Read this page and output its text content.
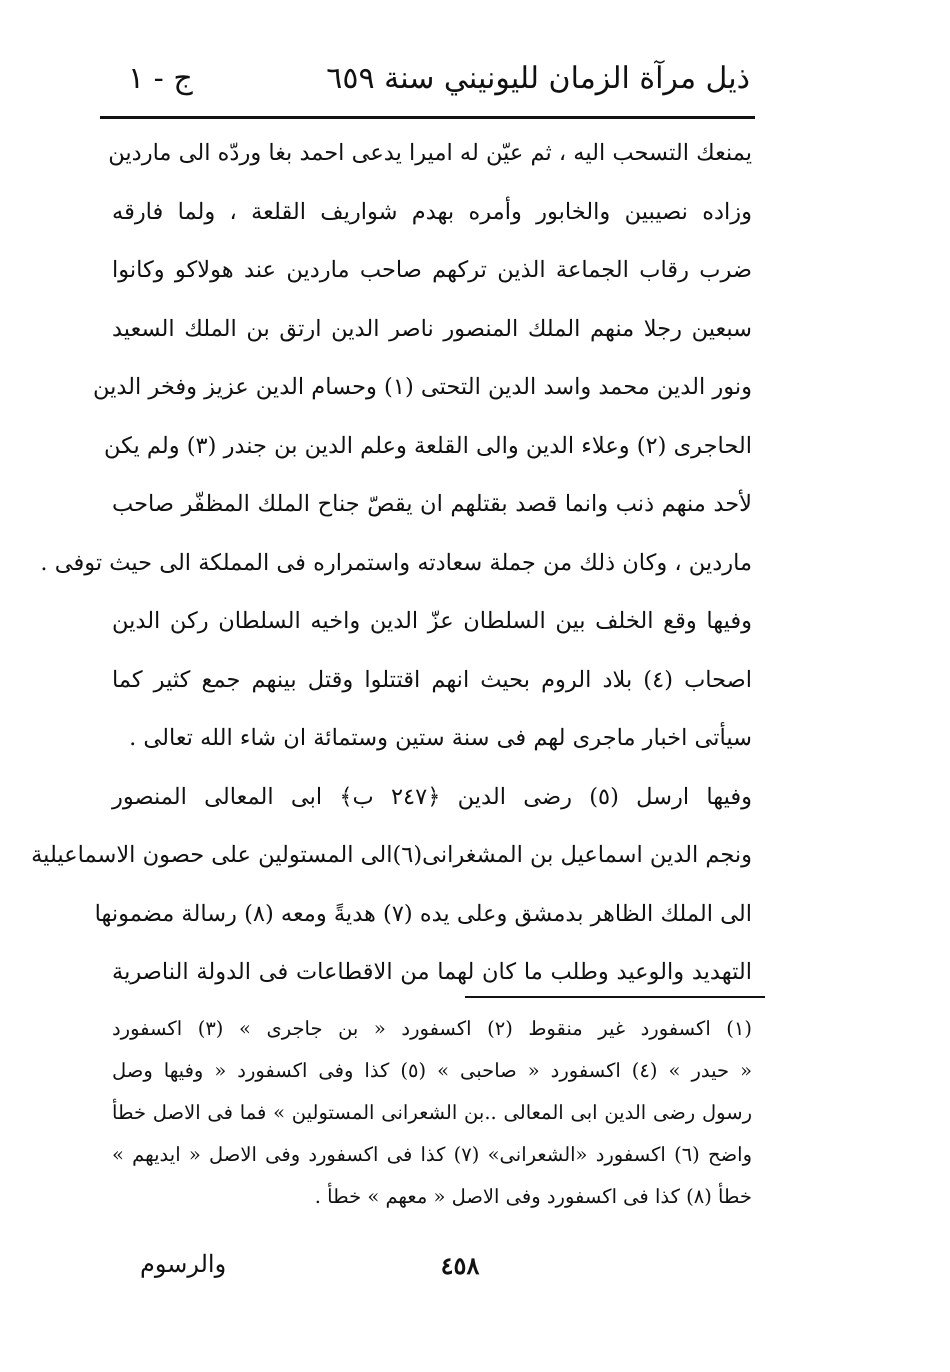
ذيل مرآة الزمان لليونيني سنة ٦٥٩
ج - ١
يمنعك التسحب اليه ، ثم عيّن له اميرا يدعى احمد بغا وردّه الى ماردين
وزاده نصيبين والخابور وأمره بهدم شواريف القلعة ، ولما فارقه
ضرب رقاب الجماعة الذين تركهم صاحب ماردين عند هولاكو وكانوا
سبعين رجلا منهم الملك المنصور ناصر الدين ارتق بن الملك السعيد
ونور الدين محمد واسد الدين التحتى (١) وحسام الدين عزيز وفخر الدين
الحاجرى (٢) وعلاء الدين والى القلعة وعلم الدين بن جندر (٣) ولم يكن
لأحد منهم ذنب وانما قصد بقتلهم ان يقصّ جناح الملك المظفّر صاحب
ماردين ، وكان ذلك من جملة سعادته واستمراره فى المملكة الى حيث توفى .
وفيها وقع الخلف بين السلطان عزّ الدين واخيه السلطان ركن الدين
اصحاب (٤) بلاد الروم بحيث انهم اقتتلوا وقتل بينهم جمع كثير كما
سيأتى اخبار ماجرى لهم فى سنة ستين وستمائة ان شاء الله تعالى .
وفيها ارسل (٥) رضى الدين ﴿٢٤٧ ب﴾ ابى المعالى المنصور
ونجم الدين اسماعيل بن المشغرانى(٦)الى المستولين على حصون الاسماعيلية
الى الملك الظاهر بدمشق وعلى يده (٧) هديةً ومعه (٨) رسالة مضمونها
التهديد والوعيد وطلب ما كان لهما من الاقطاعات فى الدولة الناصرية
(١) اكسفورد غير منقوط (٢) اكسفورد « بن جاجرى » (٣) اكسفورد
« حيدر » (٤) اكسفورد « صاحبى » (٥) كذا وفى اكسفورد « وفيها وصل
رسول رضى الدين ابى المعالى ..بن الشعرانى المستولين » فما فى الاصل خطأ
واضح (٦) اكسفورد «الشعرانى» (٧) كذا فى اكسفورد وفى الاصل « ايديهم »
خطأ (٨) كذا فى اكسفورد وفى الاصل « معهم » خطأ .
٤٥٨
والرسوم
